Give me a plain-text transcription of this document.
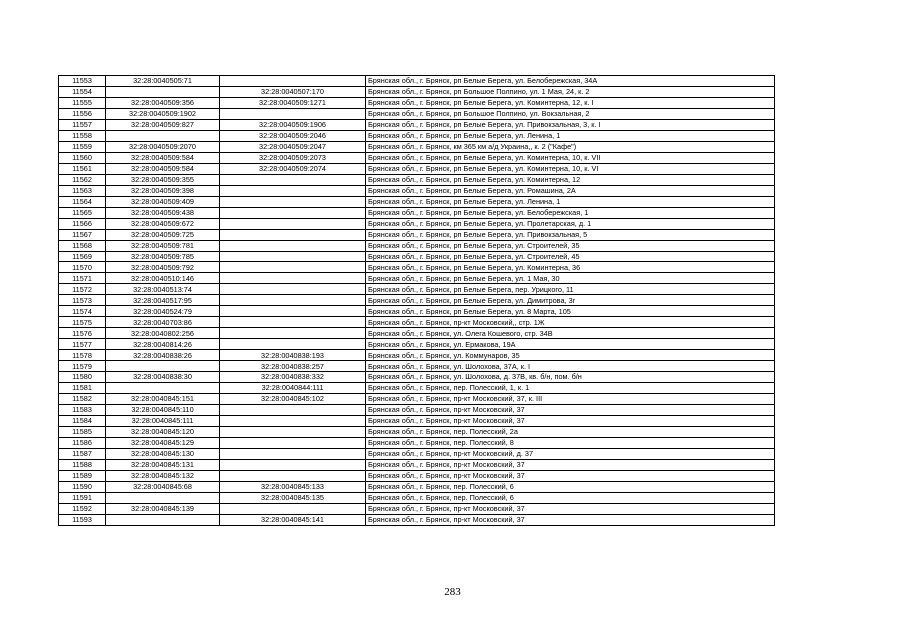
11553	32:28:0040505:71		Брянская обл., г. Брянск, рп Белые Берега, ул. Белобережская, 34А
11554		32:28:0040507:170	Брянская обл., г. Брянск, рп Большое Полпино, ул. 1 Мая, 24, к. 2
11555	32:28:0040509:356	32:28:0040509:1271	Брянская обл., г. Брянск, рп Белые Берега, ул. Коминтерна, 12, к. I
11556	32:28:0040509:1902		Брянская обл., г. Брянск, рп Большое Полпино, ул. Вокзальная, 2
11557	32:28:0040509:827	32:28:0040509:1906	Брянская обл., г. Брянск, рп Белые Берега, ул. Привокзальная, 3, к. I
11558		32:28:0040509:2046	Брянская обл., г. Брянск, рп Белые Берега, ул. Ленина, 1
11559	32:28:0040509:2070	32:28:0040509:2047	Брянская обл., г. Брянск, км 365 км а/д Украина,, к. 2 ("Кафе")
11560	32:28:0040509:584	32:28:0040509:2073	Брянская обл., г. Брянск, рп Белые Берега, ул. Коминтерна, 10, к. VII
11561	32:28:0040509:584	32:28:0040509:2074	Брянская обл., г. Брянск, рп Белые Берега, ул. Коминтерна, 10, к. VI
11562	32:28:0040509:355		Брянская обл., г. Брянск, рп Белые Берега, ул. Коминтерна, 12
11563	32:28:0040509:398		Брянская обл., г. Брянск, рп Белые Берега, ул. Ромашина, 2А
11564	32:28:0040509:409		Брянская обл., г. Брянск, рп Белые Берега, ул. Ленина, 1
11565	32:28:0040509:438		Брянская обл., г. Брянск, рп Белые Берега, ул. Белобережская, 1
11566	32:28:0040509:672		Брянская обл., г. Брянск, рп Белые Берега, ул. Пролетарская, д. 1
11567	32:28:0040509:725		Брянская обл., г. Брянск, рп Белые Берега, ул. Привокзальная, 5
11568	32:28:0040509:781		Брянская обл., г. Брянск, рп Белые Берега, ул. Строителей, 35
11569	32:28:0040509:785		Брянская обл., г. Брянск, рп Белые Берега, ул. Строителей, 45
11570	32:28:0040509:792		Брянская обл., г. Брянск, рп Белые Берега, ул. Коминтерна, 36
11571	32:28:0040510:146		Брянская обл., г. Брянск, рп Белые Берега, ул. 1 Мая, 30
11572	32:28:0040513:74		Брянская обл., г. Брянск, рп Белые Берега, пер. Урицкого, 11
11573	32:28:0040517:95		Брянская обл., г. Брянск, рп Белые Берега, ул. Димитрова, 3г
11574	32:28:0040524:79		Брянская обл., г. Брянск, рп Белые Берега, ул. 8 Марта, 105
11575	32:28:0040703:86		Брянская обл., г. Брянск, пр-кт Московский,, стр. 1Ж
11576	32:28:0040802:256		Брянская обл., г. Брянск, ул. Олега Кошевого, стр. 34В
11577	32:28:0040814:26		Брянская обл., г. Брянск, ул. Ермакова, 19А
11578	32:28:0040838:26	32:28:0040838:193	Брянская обл., г. Брянск, ул. Коммунаров, 35
11579		32:28:0040838:257	Брянская обл., г. Брянск, ул. Шолохова, 37А, к. I
11580	32:28:0040838:30	32:28:0040838:332	Брянская обл., г. Брянск, ул. Шолохова, д. 37В, кв. б/н, пом. б/н
11581		32:28:0040844:111	Брянская обл., г. Брянск, пер. Полесский, 1, к. 1
11582	32:28:0040845:151	32:28:0040845:102	Брянская обл., г. Брянск, пр-кт Московский, 37, к. III
11583	32:28:0040845:110		Брянская обл., г. Брянск, пр-кт Московский, 37
11584	32:28:0040845:111		Брянская обл., г. Брянск, пр-кт Московский, 37
11585	32:28:0040845:120		Брянская обл., г. Брянск, пер. Полесский, 2а
11586	32:28:0040845:129		Брянская обл., г. Брянск, пер. Полесский, 8
11587	32:28:0040845:130		Брянская обл., г. Брянск, пр-кт Московский, д. 37
11588	32:28:0040845:131		Брянская обл., г. Брянск, пр-кт Московский, 37
11589	32:28:0040845:132		Брянская обл., г. Брянск, пр-кт Московский, 37
11590	32:28:0040845:68	32:28:0040845:133	Брянская обл., г. Брянск, пер. Полесский, 6
11591		32:28:0040845:135	Брянская обл., г. Брянск, пер. Полесский, 6
11592	32:28:0040845:139		Брянская обл., г. Брянск, пр-кт Московский, 37
11593		32:28:0040845:141	Брянская обл., г. Брянск, пр-кт Московский, 37
283
